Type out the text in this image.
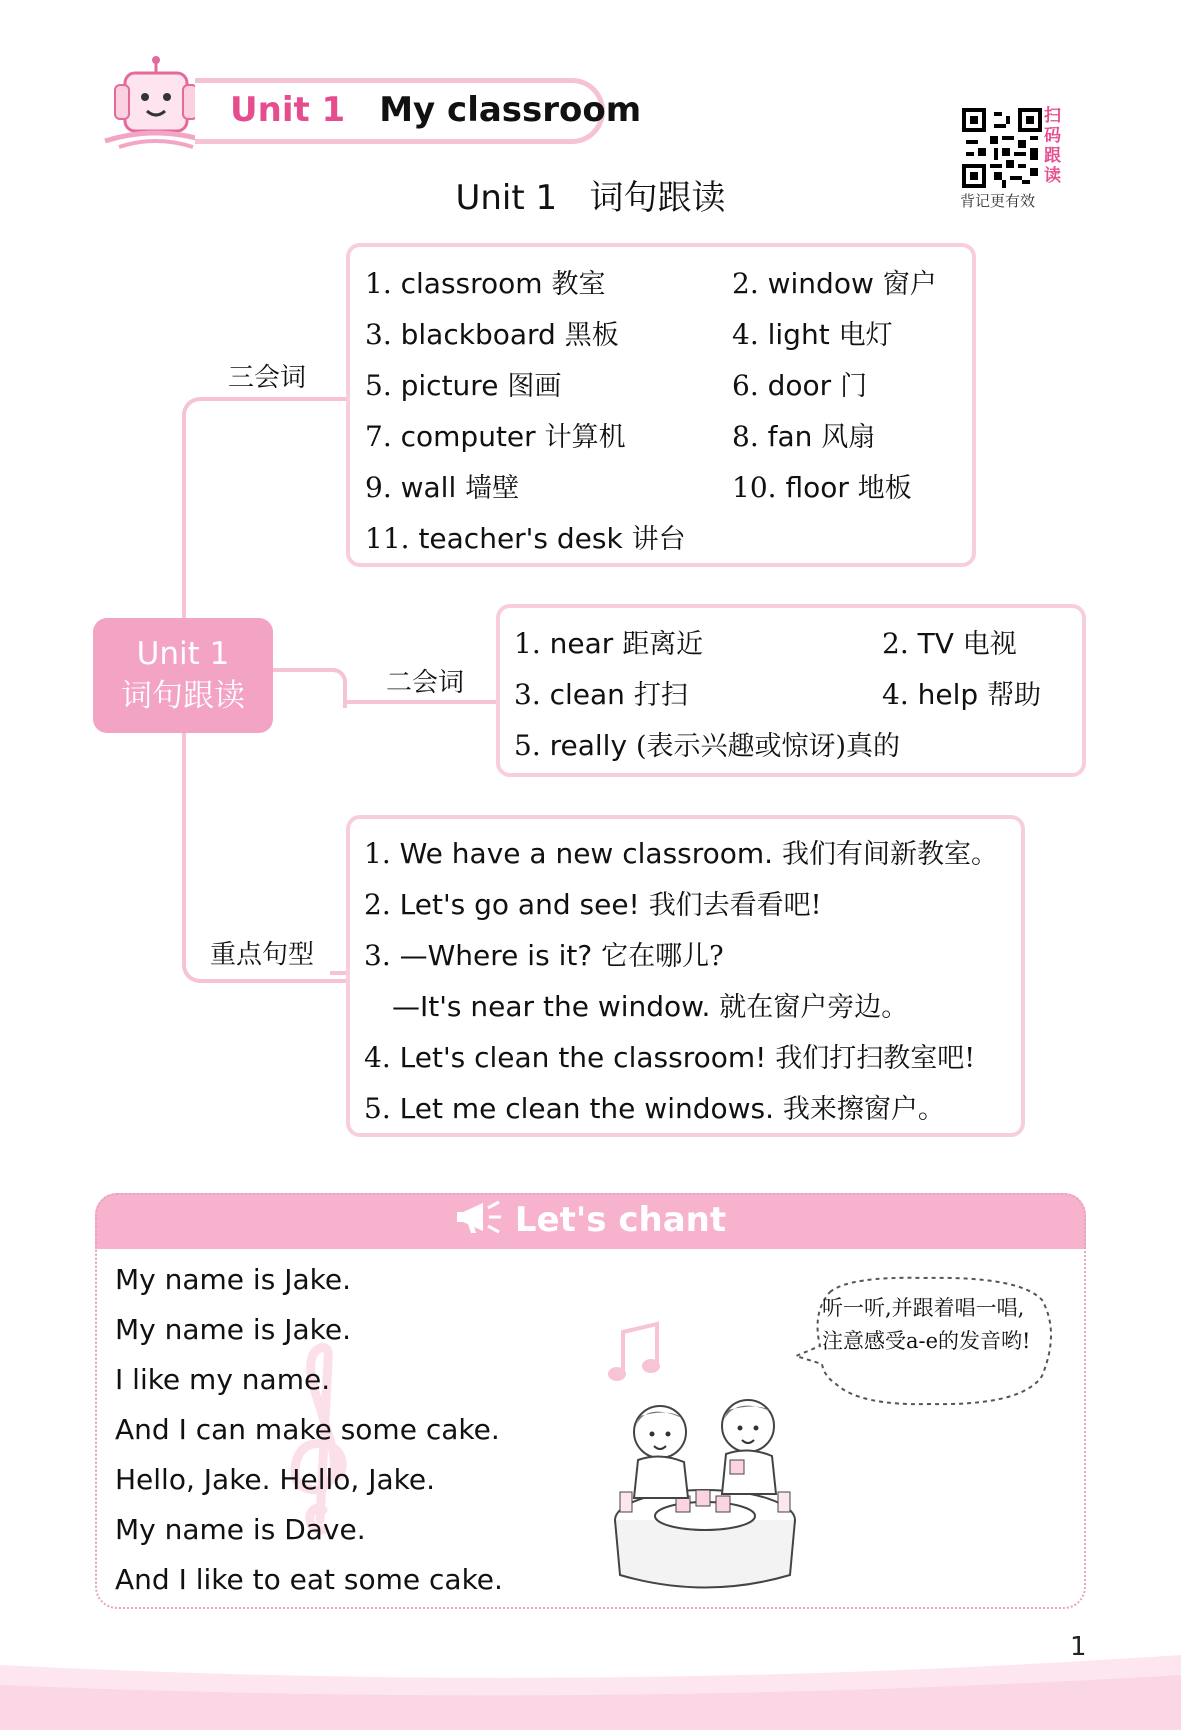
Unit 1 My classroom	扫
码
跟
读
背记更有效
Unit 1   词句跟读
Unit 1
词句跟读
三会词
1. classroom 教室	2. window 窗户
3. blackboard 黑板	4. light 电灯
5. picture 图画	6. door 门
7. computer 计算机	8. fan 风扇
9. wall 墙壁	10. floor 地板
11. teacher's desk 讲台
二会词
1. near 距离近	2. TV 电视
3. clean 打扫	4. help 帮助
5. really (表示兴趣或惊讶)真的
重点句型
1. We have a new classroom. 我们有间新教室。
2. Let's go and see! 我们去看看吧!
3. —Where is it? 它在哪儿?
—It's near the window. 就在窗户旁边。
4. Let's clean the classroom! 我们打扫教室吧!
5. Let me clean the windows. 我来擦窗户。
Let's chant
My name is Jake.
My name is Jake.
I like my name.
And I can make some cake.
Hello, Jake. Hello, Jake.
My name is Dave.
And I like to eat some cake.
听一听,并跟着唱一唱,注意感受a-e的发音哟!
1
